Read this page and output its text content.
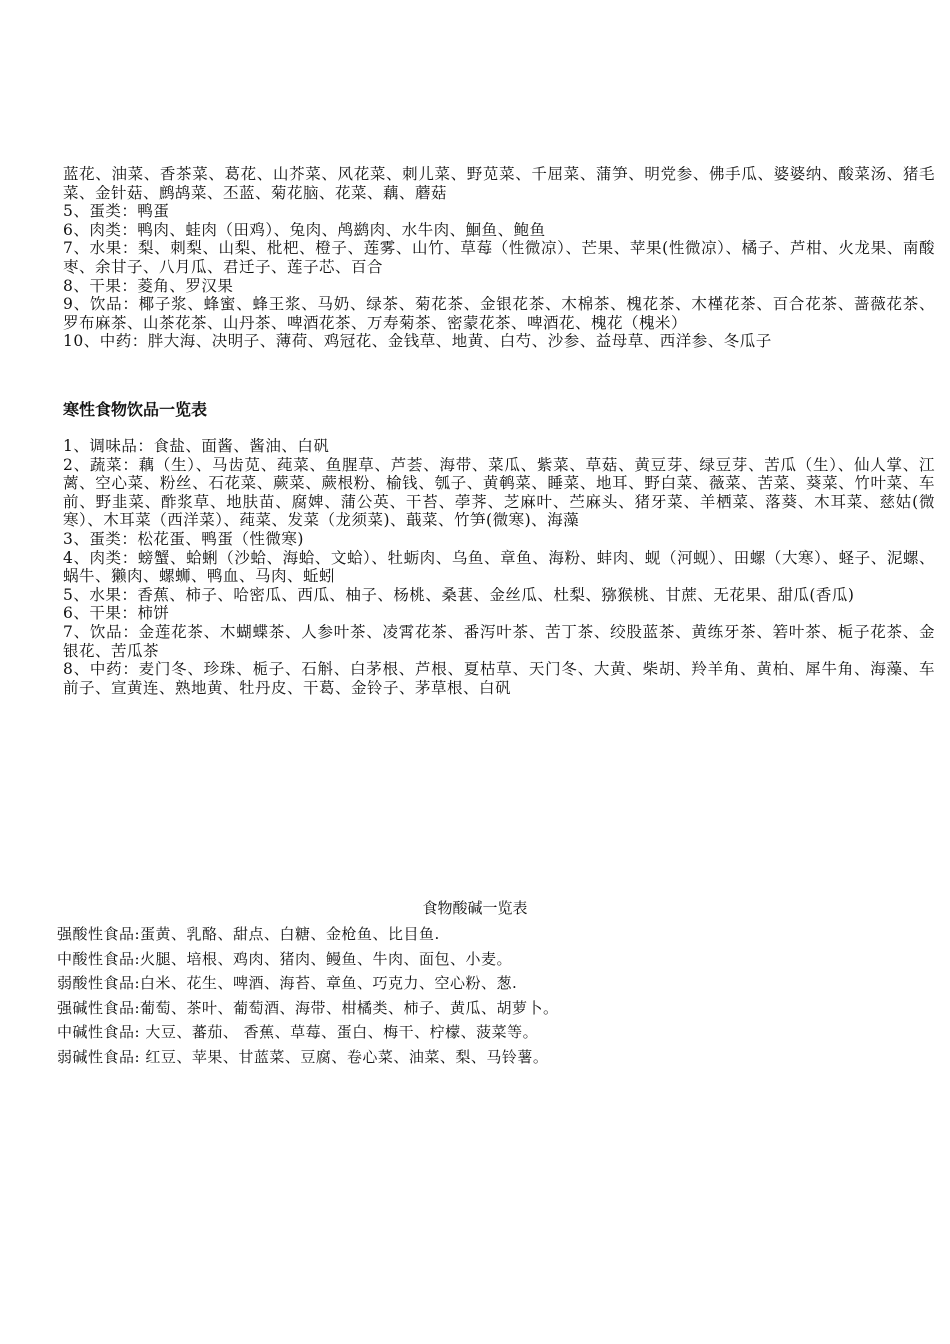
蓝花、油菜、香茶菜、葛花、山芥菜、风花菜、刺儿菜、野苋菜、千屈菜、蒲笋、明党参、佛手瓜、婆婆纳、酸菜汤、猪毛菜、金针菇、鹧鸪菜、丕蓝、菊花脑、花菜、藕、蘑菇
5、蛋类：鸭蛋
6、肉类：鸭肉、蛙肉（田鸡）、兔肉、鸬鹚肉、水牛肉、鮰鱼、鲍鱼
7、水果：梨、刺梨、山梨、枇杷、橙子、莲雾、山竹、草莓（性微凉）、芒果、苹果(性微凉）、橘子、芦柑、火龙果、南酸枣、余甘子、八月瓜、君迁子、莲子芯、百合
8、干果：菱角、罗汉果
9、饮品：椰子浆、蜂蜜、蜂王浆、马奶、绿茶、菊花茶、金银花茶、木棉茶、槐花茶、木槿花茶、百合花茶、蔷薇花茶、罗布麻茶、山茶花茶、山丹茶、啤酒花茶、万寿菊茶、密蒙花茶、啤酒花、槐花（槐米）
10、中药：胖大海、决明子、薄荷、鸡冠花、金钱草、地黄、白芍、沙参、益母草、西洋参、冬瓜子
寒性食物饮品一览表
1、调味品：食盐、面酱、酱油、白矾
2、蔬菜：藕（生）、马齿苋、莼菜、鱼腥草、芦荟、海带、菜瓜、紫菜、草菇、黄豆芽、绿豆芽、苦瓜（生）、仙人掌、江蓠、空心菜、粉丝、石花菜、蕨菜、蕨根粉、榆钱、瓠子、黄鹌菜、睡菜、地耳、野白菜、薇菜、苦菜、葵菜、竹叶菜、车前、野韭菜、酢浆草、地肤苗、腐婢、蒲公英、干苔、荸荠、芝麻叶、苎麻头、猪牙菜、羊栖菜、落葵、木耳菜、慈姑(微寒）、木耳菜（西洋菜）、莼菜、发菜（龙须菜)、蕺菜、竹笋(微寒)、海藻
3、蛋类：松花蛋、鸭蛋（性微寒)
4、肉类：螃蟹、蛤蜊（沙蛤、海蛤、文蛤）、牡蛎肉、乌鱼、章鱼、海粉、蚌肉、蚬（河蚬）、田螺（大寒）、蛏子、泥螺、蜗牛、獭肉、螺蛳、鸭血、马肉、蚯蚓
5、水果：香蕉、柿子、哈密瓜、西瓜、柚子、杨桃、桑葚、金丝瓜、杜梨、猕猴桃、甘蔗、无花果、甜瓜(香瓜)
6、干果：柿饼
7、饮品：金莲花茶、木蝴蝶茶、人参叶茶、凌霄花茶、番泻叶茶、苦丁茶、绞股蓝茶、黄练牙茶、箬叶茶、栀子花茶、金银花、苦瓜茶
8、中药：麦门冬、珍珠、栀子、石斛、白茅根、芦根、夏枯草、天门冬、大黄、柴胡、羚羊角、黄柏、犀牛角、海藻、车前子、宣黄连、熟地黄、牡丹皮、干葛、金铃子、茅草根、白矾
食物酸碱一览表
强酸性食品:蛋黄、乳酪、甜点、白糖、金枪鱼、比目鱼.
中酸性食品:火腿、培根、鸡肉、猪肉、鳗鱼、牛肉、面包、小麦。
弱酸性食品:白米、花生、啤酒、海苔、章鱼、巧克力、空心粉、葱.
强碱性食品:葡萄、茶叶、葡萄酒、海带、柑橘类、柿子、黄瓜、胡萝卜。
中碱性食品: 大豆、蕃茄、 香蕉、草莓、蛋白、梅干、柠檬、菠菜等。
弱碱性食品: 红豆、苹果、甘蓝菜、豆腐、卷心菜、油菜、梨、马铃薯。
